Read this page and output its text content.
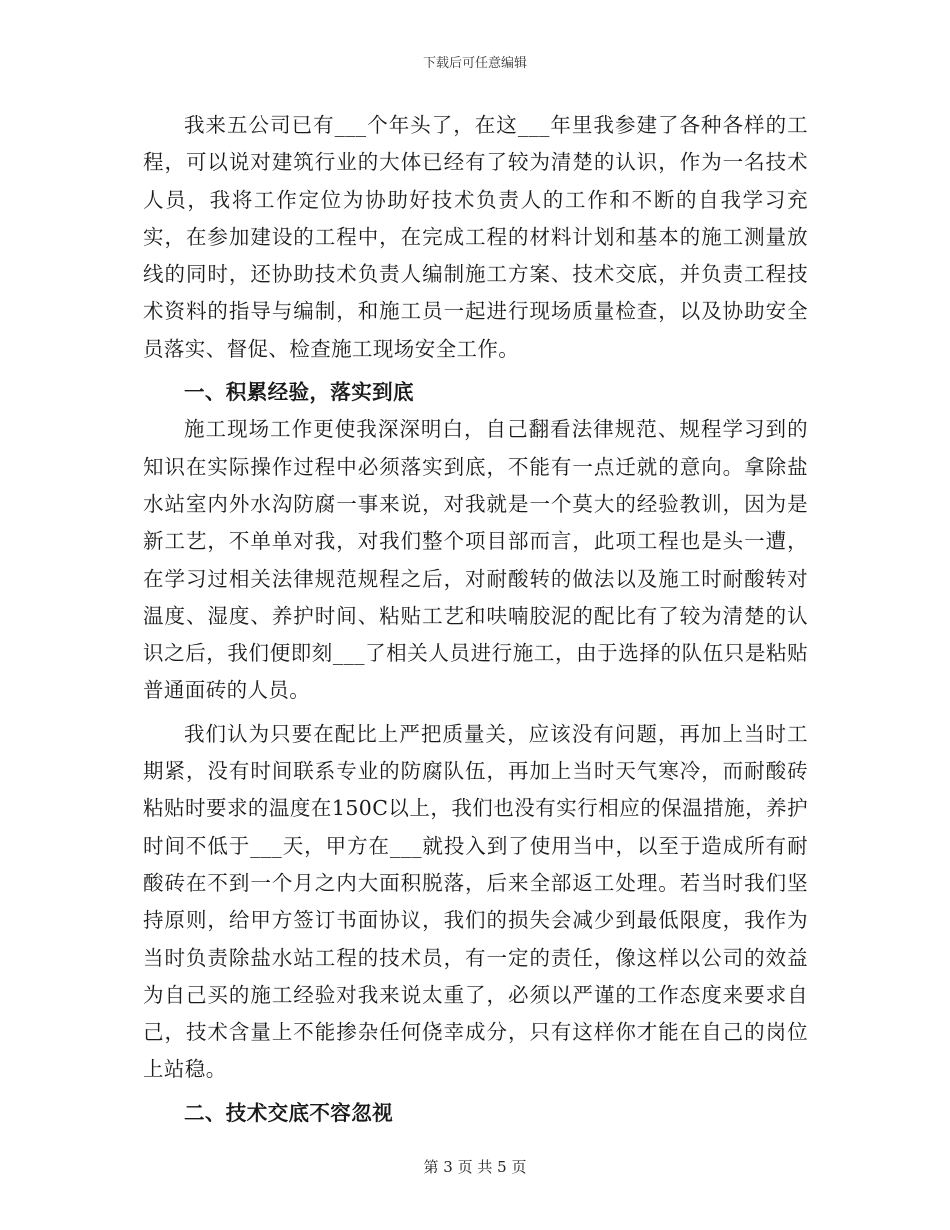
下载后可任意编辑

我来五公司已有___个年头了，在这___年里我参建了各种各样的工程，可以说对建筑行业的大体已经有了较为清楚的认识，作为一名技术人员，我将工作定位为协助好技术负责人的工作和不断的自我学习充实，在参加建设的工程中，在完成工程的材料计划和基本的施工测量放线的同时，还协助技术负责人编制施工方案、技术交底，并负责工程技术资料的指导与编制，和施工员一起进行现场质量检查，以及协助安全员落实、督促、检查施工现场安全工作。

一、积累经验，落实到底

施工现场工作更使我深深明白，自己翻看法律规范、规程学习到的知识在实际操作过程中必须落实到底，不能有一点迁就的意向。拿除盐水站室内外水沟防腐一事来说，对我就是一个莫大的经验教训，因为是新工艺，不单单对我，对我们整个项目部而言，此项工程也是头一遭，在学习过相关法律规范规程之后，对耐酸转的做法以及施工时耐酸转对温度、湿度、养护时间、粘贴工艺和呋喃胶泥的配比有了较为清楚的认识之后，我们便即刻___了相关人员进行施工，由于选择的队伍只是粘贴普通面砖的人员。

我们认为只要在配比上严把质量关，应该没有问题，再加上当时工期紧，没有时间联系专业的防腐队伍，再加上当时天气寒冷，而耐酸砖粘贴时要求的温度在150C以上，我们也没有实行相应的保温措施，养护时间不低于___天，甲方在___就投入到了使用当中，以至于造成所有耐酸砖在不到一个月之内大面积脱落，后来全部返工处理。若当时我们坚持原则，给甲方签订书面协议，我们的损失会减少到最低限度，我作为当时负责除盐水站工程的技术员，有一定的责任，像这样以公司的效益为自己买的施工经验对我来说太重了，必须以严谨的工作态度来要求自己，技术含量上不能掺杂任何侥幸成分，只有这样你才能在自己的岗位上站稳。

二、技术交底不容忽视

第 3 页 共 5 页
